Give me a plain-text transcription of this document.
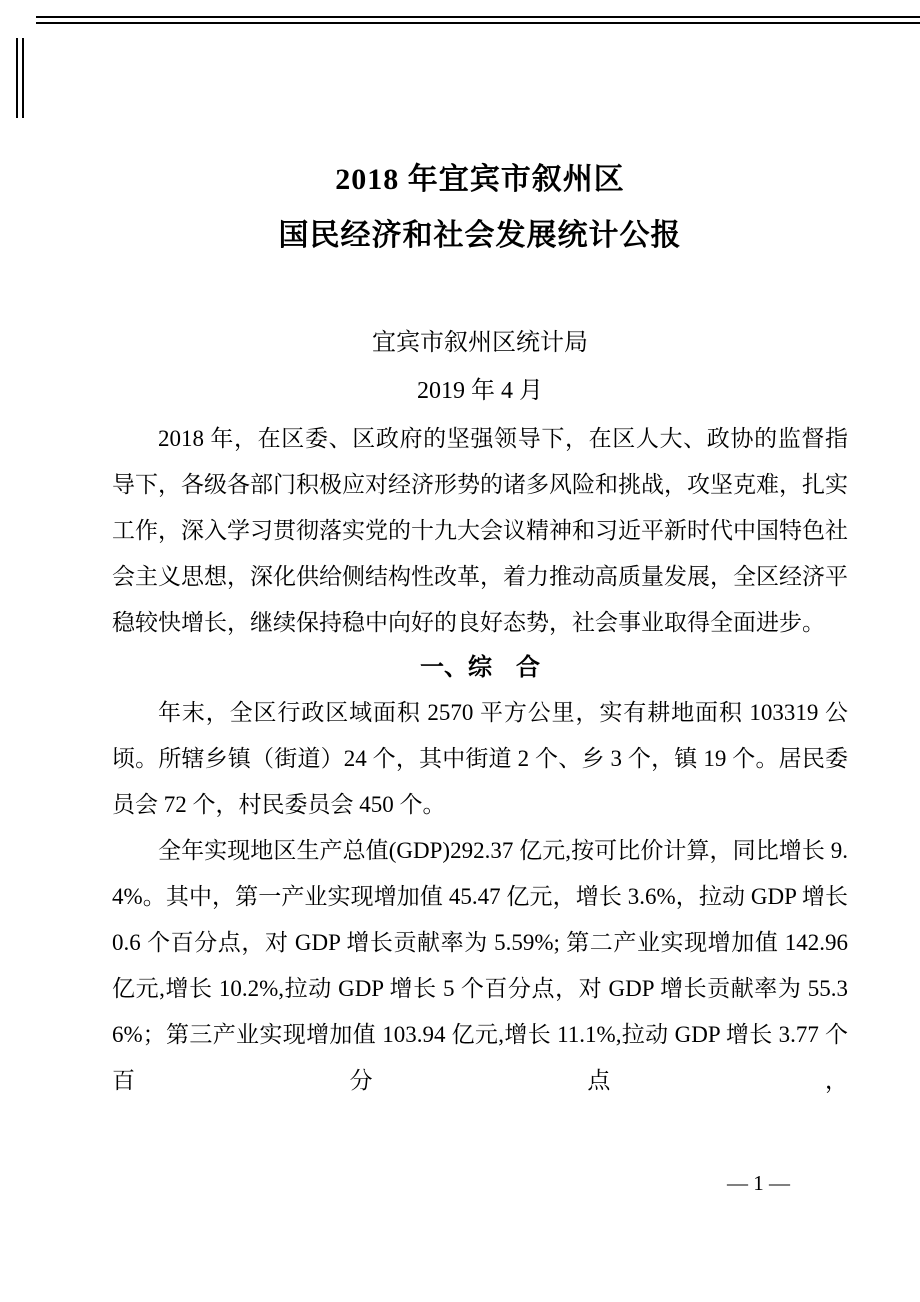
2018 年宜宾市叙州区
国民经济和社会发展统计公报
宜宾市叙州区统计局
2019 年 4 月

2018 年，在区委、区政府的坚强领导下，在区人大、政协的监督指导下，各级各部门积极应对经济形势的诸多风险和挑战，攻坚克难，扎实工作，深入学习贯彻落实党的十九大会议精神和习近平新时代中国特色社会主义思想，深化供给侧结构性改革，着力推动高质量发展，全区经济平稳较快增长，继续保持稳中向好的良好态势，社会事业取得全面进步。

一、综　合

年末，全区行政区域面积 2570 平方公里，实有耕地面积 103319 公顷。所辖乡镇（街道）24 个，其中街道 2 个、乡 3 个，镇 19 个。居民委员会 72 个，村民委员会 450 个。

全年实现地区生产总值(GDP)292.37 亿元,按可比价计算，同比增长 9.4%。其中，第一产业实现增加值 45.47 亿元，增长 3.6%，拉动 GDP 增长 0.6 个百分点，对 GDP 增长贡献率为 5.59%; 第二产业实现增加值 142.96 亿元,增长 10.2%,拉动 GDP 增长 5 个百分点，对 GDP 增长贡献率为 55.36%；第三产业实现增加值 103.94 亿元,增长 11.1%,拉动 GDP 增长 3.77 个百分点，

— 1 —
